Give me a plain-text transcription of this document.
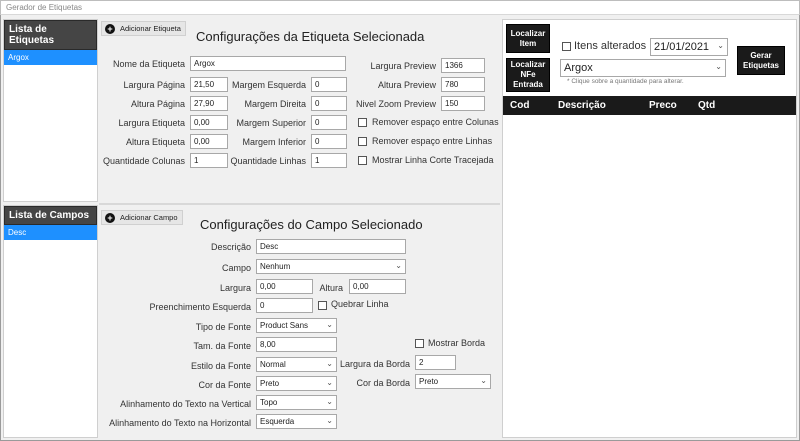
Gerador de Etiquetas
Lista de Etiquetas
Argox
Lista de Campos
Desc
+ Adicionar Etiqueta
Configurações da Etiqueta Selecionada
Nome da Etiqueta	Argox
Largura Página	21,50
Altura Página	27,90
Largura Etiqueta	0,00
Altura Etiqueta	0,00
Quantidade Colunas	1
Margem Esquerda	0
Margem Direita	0
Margem Superior	0
Margem Inferior	0
Quantidade Linhas	1
Largura Preview	1366
Altura Preview	780
Nivel Zoom Preview	150
Remover espaço entre Colunas
Remover espaço entre Linhas
Mostrar Linha Corte Tracejada
+ Adicionar Campo	Configurações do Campo Selecionado
Descrição	Desc
Campo	Nenhum	⌄
Largura	0,00	Altura	0,00
Preenchimento Esquerda	0	Quebrar Linha
Tipo de Fonte	Product Sans ⌄
Tam. da Fonte	8,00	Mostrar Borda
Estilo da Fonte	Normal	⌄ Largura da Borda	2
Cor da Fonte	Preto	⌄	Cor da Borda	Preto	⌄
Alinhamento do Texto na Vertical	Topo	⌄
Alinhamento do Texto na Horizontal	Esquerda	⌄
Localizar Item
Localizar NFe Entrada
Itens alterados 21/01/2021 ⌄
Gerar Etiquetas
Argox	⌄
* Clique sobre a quantidade para alterar.
Cod	Descrição	Preco Qtd
